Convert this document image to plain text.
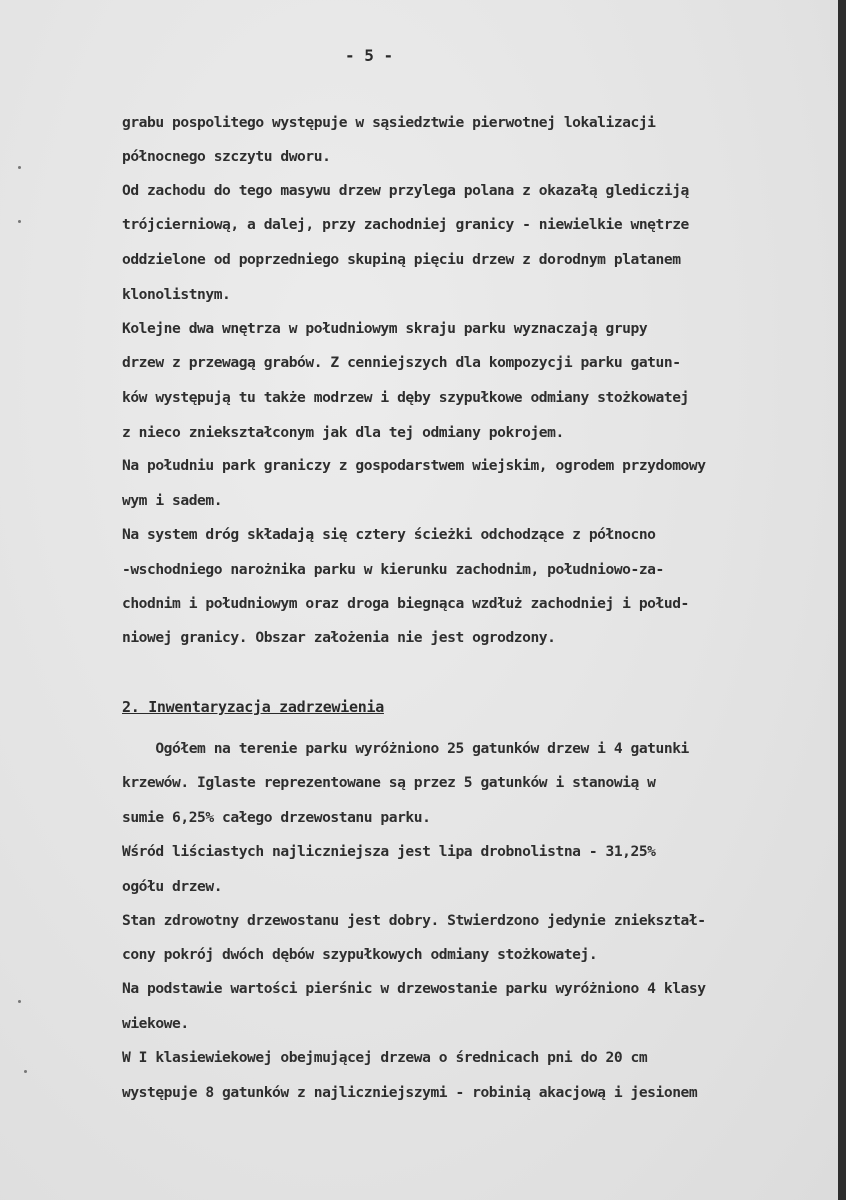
- 5 -
grabu pospolitego występuje w sąsiedztwie pierwotnej lokalizacji
północnego szczytu dworu.
Od zachodu do tego masywu drzew przylega polana z okazałą gledicziją
trójcierniową, a dalej, przy zachodniej granicy - niewielkie wnętrze
oddzielone od poprzedniego skupiną pięciu drzew z dorodnym platanem
klonolistnym.
Kolejne dwa wnętrza w południowym skraju parku wyznaczają grupy
drzew z przewagą grabów. Z cenniejszych dla kompozycji parku gatun-
ków występują tu także modrzew i dęby szypułkowe odmiany stożkowatej
z nieco zniekształconym jak dla tej odmiany pokrojem.
Na południu park graniczy z gospodarstwem wiejskim, ogrodem przydomowy
wym i sadem.
Na system dróg składają się cztery ścieżki odchodzące z północno
-wschodniego narożnika parku w kierunku zachodnim, południowo-za-
chodnim i południowym oraz droga biegnąca wzdłuż zachodniej i połud-
niowej granicy. Obszar założenia nie jest ogrodzony.
2. Inwentaryzacja zadrzewienia
Ogółem na terenie parku wyróżniono 25 gatunków drzew i 4 gatunki
krzewów. Iglaste reprezentowane są przez 5 gatunków i stanowią w
sumie 6,25% całego drzewostanu parku.
Wśród liściastych najliczniejsza jest lipa drobnolistna - 31,25%
ogółu drzew.
Stan zdrowotny drzewostanu jest dobry. Stwierdzono jedynie zniekształ-
cony pokrój dwóch dębów szypułkowych odmiany stożkowatej.
Na podstawie wartości pierśnic w drzewostanie parku wyróżniono 4 klasy
wiekowe.
W I klasiewiekowej obejmującej drzewa o średnicach pni do 20 cm
występuje 8 gatunków z najliczniejszymi - robinią akacjową i jesionem
